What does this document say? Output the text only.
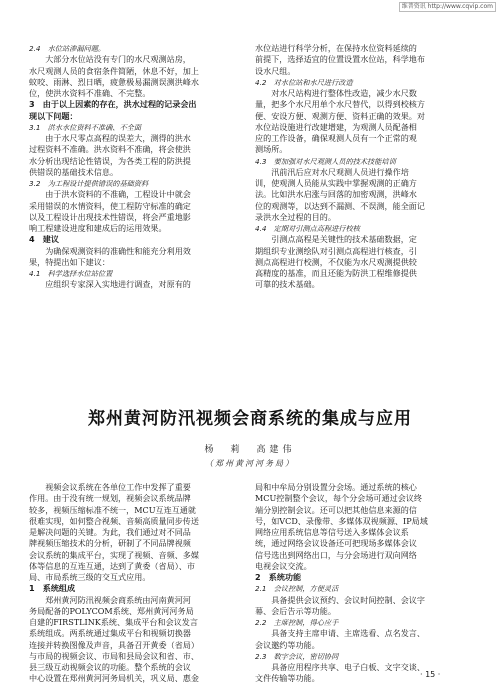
维普资讯 http://www.cqvip.com

2.4　水位站渗漏问题。

　　大部分水位站没有专门的水尺观测站房，

水尺观测人员的食宿条件简陋，休息不好，加上

蚊咬、雨淋、烈日晒，疲惫极易漏测误测洪峰水

位，使洪水资料不准确、不完整。

3　由于以上因素的存在，洪水过程的记录会出

现以下问题：

3.1　洪水水位资料不准确、不全面

　　由于水尺零点高程的误差大，测得的洪水

过程资料不准确。洪水资料不准确，将会使洪

水分析出现结论性错误，为各类工程的防洪提

供错误的基础技术信息。

3.2　为工程设计提供错误的基础资料

　　由于洪水资料的不准确，工程设计中就会

采用错误的水情资料，使工程防守标准的确定

以及工程设计出现技术性错误，将会严重地影

响工程建设进度和建成后的运用效果。

4　建议

　　为确保观测资料的准确性和能充分利用效

果，特提出如下建议：

4.1　科学选择水位站位置

　　应组织专家深入实地进行调查，对原有的

水位站进行科学分析，在保持水位资料延续的

前提下，选择适宜的位置设置水位站，科学地布

设水尺组。

4.2　对水位站和水尺进行改造

　　对水尺站构进行整体性改造，减少水尺数

量，把多个水尺用单个水尺替代，以得到校核方

便、安设方便、观测方便、资料正确的效果。对

水位站设施进行改建增建，为观测人员配备相

应的工作设备，确保观测人员有一个正常的观

测场所。

4.3　要加强对水尺观测人员的技术技能培训

　　汛前汛后应对水尺观测人员进行操作培

训，使观测人员能从实践中掌握观测的正确方

法。比如洪水启涨与回落的加密观测，洪峰水

位的观测等，以达到不漏测、不误测，能全面记

录洪水全过程的目的。

4.4　定期对引测点高程进行校核

　　引测点高程是关键性的技术基础数据，定

期组织专业测绘队对引测点高程进行核查，引

测点高程进行校测，不仅能为水尺观测提供较

高精度的基准，而且还能为防洪工程维修提供

可靠的技术基础。

郑州黄河防汛视频会商系统的集成与应用
杨　莉　高建伟
（郑州黄河河务局）

　　视频会议系统在各单位工作中发挥了重要

作用。由于没有统一规划，视频会议系统品牌

较多，视频压缩标准不统一，MCU互连互通就

很难实现，如何整合视频、音频高质量同步传送

是解决问题的关键。为此，我们通过对不同品

牌视频压缩技术的分析，研制了不同品牌视频

会议系统的集成平台，实现了视频、音频、多媒

体等信息的互连互通，达到了黄委（省局）、市

局、市局系统三级的交互式应用。

1　系统组成

　　郑州黄河防汛视频会商系统由河南黄河河

务局配备的POLYCOM系统、郑州黄河河务局

自建的FIRSTLINK系统、集成平台和会议发言

系统组成。两系统通过集成平台和视频切换器

连接并转换图像及声音，具备召开黄委（省局）

与市局的视频会议、市局和县局会议和省、市、

县三级互动视频会议的功能。整个系统的会议

中心设置在郑州黄河河务局机关，巩义局、惠金

局和中牟局分别设置分会场。通过系统的核心

MCU控制整个会议，每个分会场可通过会议终

端分别控制会议。还可以把其他信息来源的信

号，如VCD、录像带、多媒体双视频源、IP局域

网络应用系统信息等信号送入多媒体会议系

统，通过网络会议设备还可把现场多媒体会议

信号选出到网络出口，与分会场进行双向网络

电视会议交流。

2　系统功能

2.1　会议控制，方便灵活

　　具备提供会议预约、会议时间控制、会议字

幕、会后告示等功能。

2.2　主席控制，得心应手

　　具备支持主席申请、主席选看、点名发言、

会议邀约等功能。

2.3　数字会议，密切协同

　　具备应用程序共享、电子白板、文字交谈、

文件传输等功能。	· 15 ·
